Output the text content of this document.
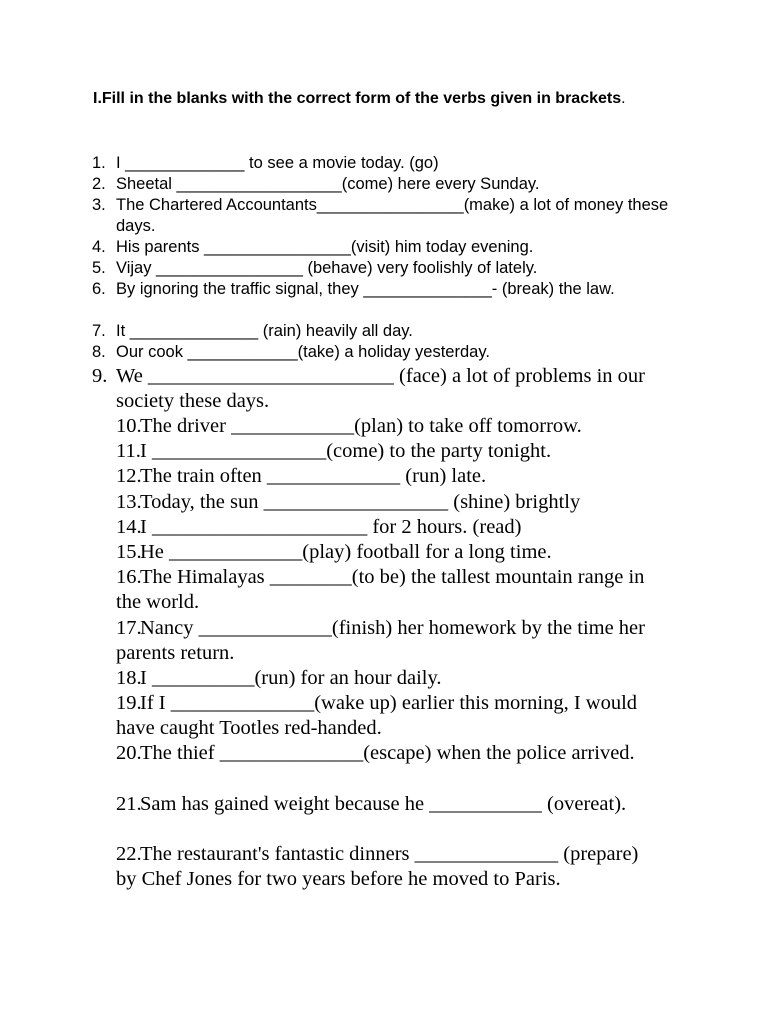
I.Fill in the blanks with the correct form of the verbs given in brackets.
1. I _____________ to see a movie today. (go)
2. Sheetal __________________(come) here every Sunday.
3. The Chartered Accountants________________(make) a lot of money these days.
4. His parents ________________(visit) him today evening.
5. Vijay ________________ (behave) very foolishly of lately.
6. By ignoring the traffic signal, they ______________- (break) the law.
7. It ______________ (rain) heavily all day.
8. Our cook ____________(take) a holiday yesterday.
9. We ________________________ (face) a lot of problems in our society these days.
10.
The driver ____________(plan) to take off tomorrow.
11. I _________________(come) to the party tonight.
12.
The train often _____________ (run) late.
13.
Today, the sun __________________ (shine) brightly
14.
I _____________________ for 2 hours. (read)
15.
He _____________(play) football for a long time.
16.
The Himalayas ________(to be) the tallest mountain range in the world.
17.
Nancy _____________(finish) her homework by the time her parents return.
18.
I __________(run) for an hour daily.
19.
If I ______________(wake up) earlier this morning, I would have caught Tootles red-handed.
20.
The thief ______________(escape) when the police arrived.
21.
Sam has gained weight because he ___________ (overeat).
22.
The restaurant's fantastic dinners ______________ (prepare) by Chef Jones for two years before he moved to Paris.
